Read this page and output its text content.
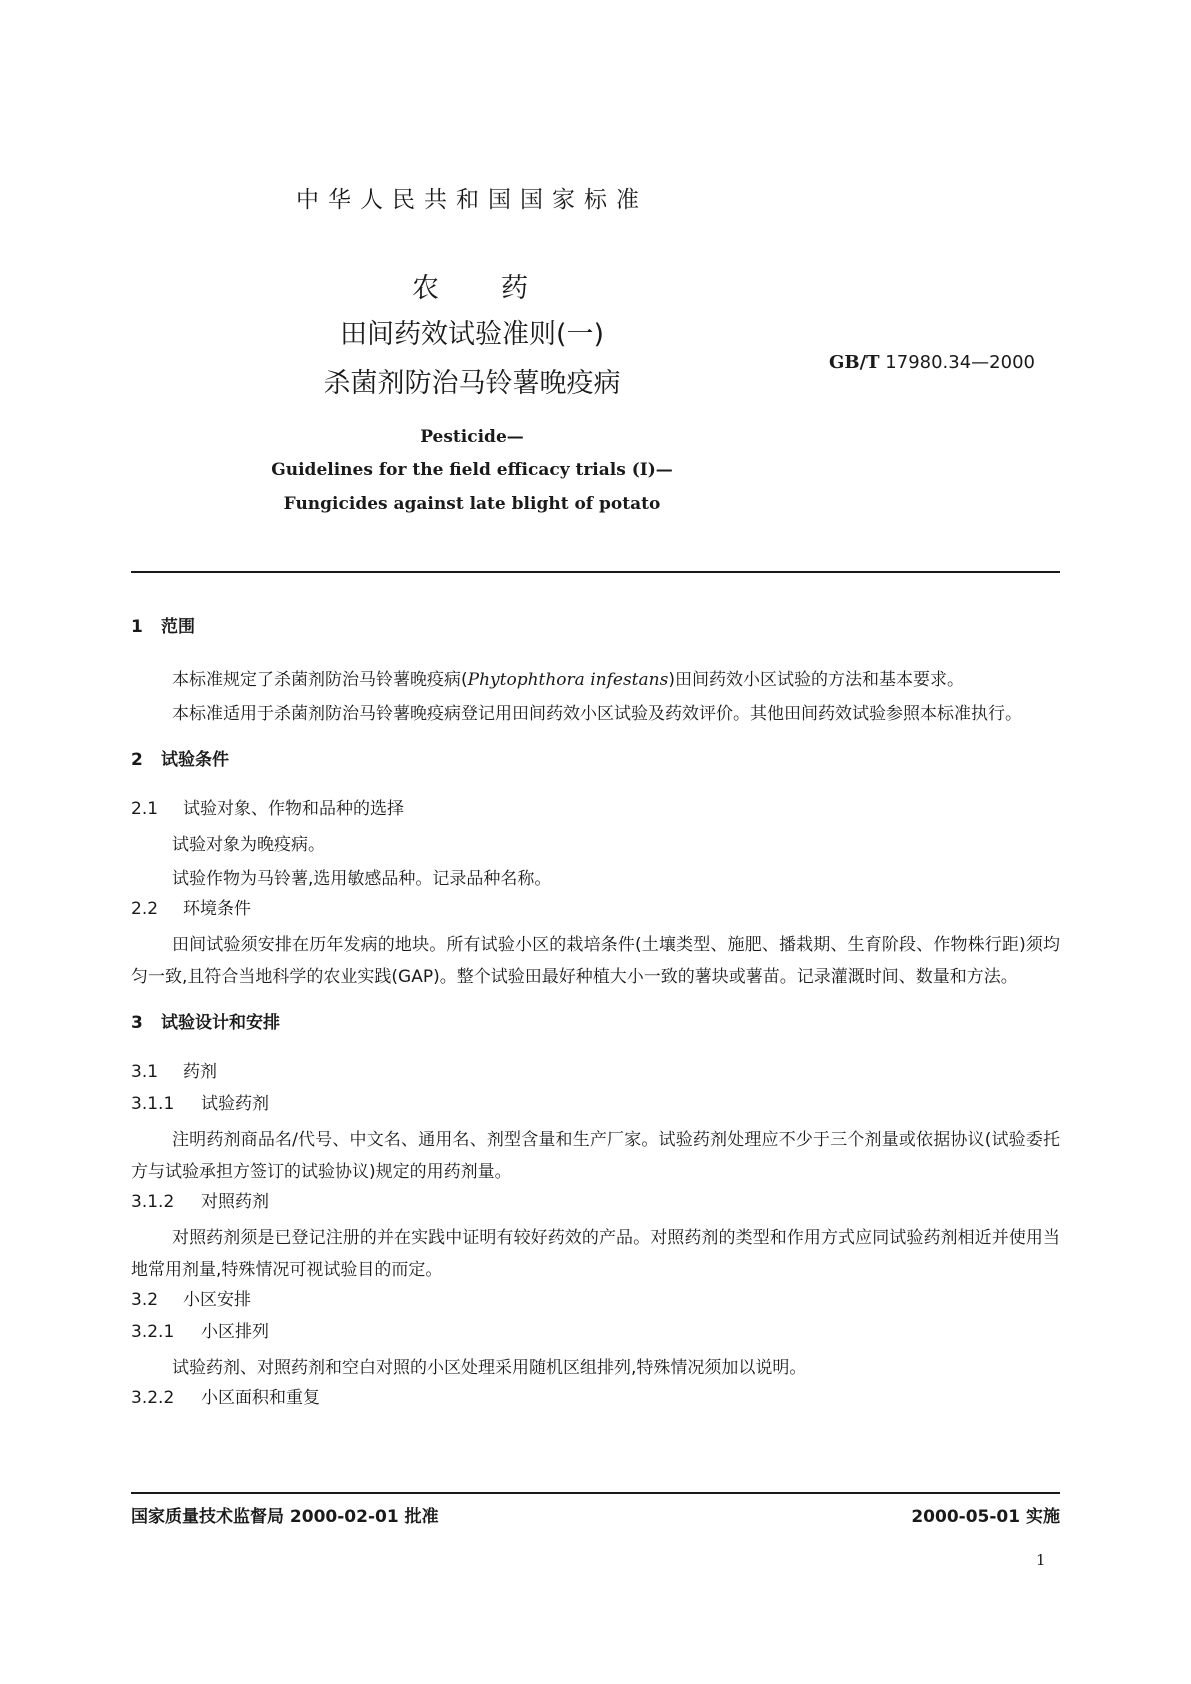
中华人民共和国国家标准
农 药
田间药效试验准则(一)
杀菌剂防治马铃薯晚疫病
GB/T 17980.34—2000
Pesticide—
Guidelines for the field efficacy trials (Ⅰ)—
Fungicides against late blight of potato
1 范围

本标准规定了杀菌剂防治马铃薯晚疫病(Phytophthora infestans)田间药效小区试验的方法和基本要求。

本标准适用于杀菌剂防治马铃薯晚疫病登记用田间药效小区试验及药效评价。其他田间药效试验参照本标准执行。

2 试验条件
2.1 试验对象、作物和品种的选择

试验对象为晚疫病。

试验作物为马铃薯,选用敏感品种。记录品种名称。

2.2 环境条件

田间试验须安排在历年发病的地块。所有试验小区的栽培条件(土壤类型、施肥、播栽期、生育阶段、作物株行距)须均匀一致,且符合当地科学的农业实践(GAP)。整个试验田最好种植大小一致的薯块或薯苗。记录灌溉时间、数量和方法。

3 试验设计和安排
3.1 药剂
3.1.1 试验药剂

注明药剂商品名/代号、中文名、通用名、剂型含量和生产厂家。试验药剂处理应不少于三个剂量或依据协议(试验委托方与试验承担方签订的试验协议)规定的用药剂量。

3.1.2 对照药剂

对照药剂须是已登记注册的并在实践中证明有较好药效的产品。对照药剂的类型和作用方式应同试验药剂相近并使用当地常用剂量,特殊情况可视试验目的而定。

3.2 小区安排
3.2.1 小区排列

试验药剂、对照药剂和空白对照的小区处理采用随机区组排列,特殊情况须加以说明。

3.2.2 小区面积和重复
国家质量技术监督局 2000-02-01 批准	2000-05-01 实施
1
